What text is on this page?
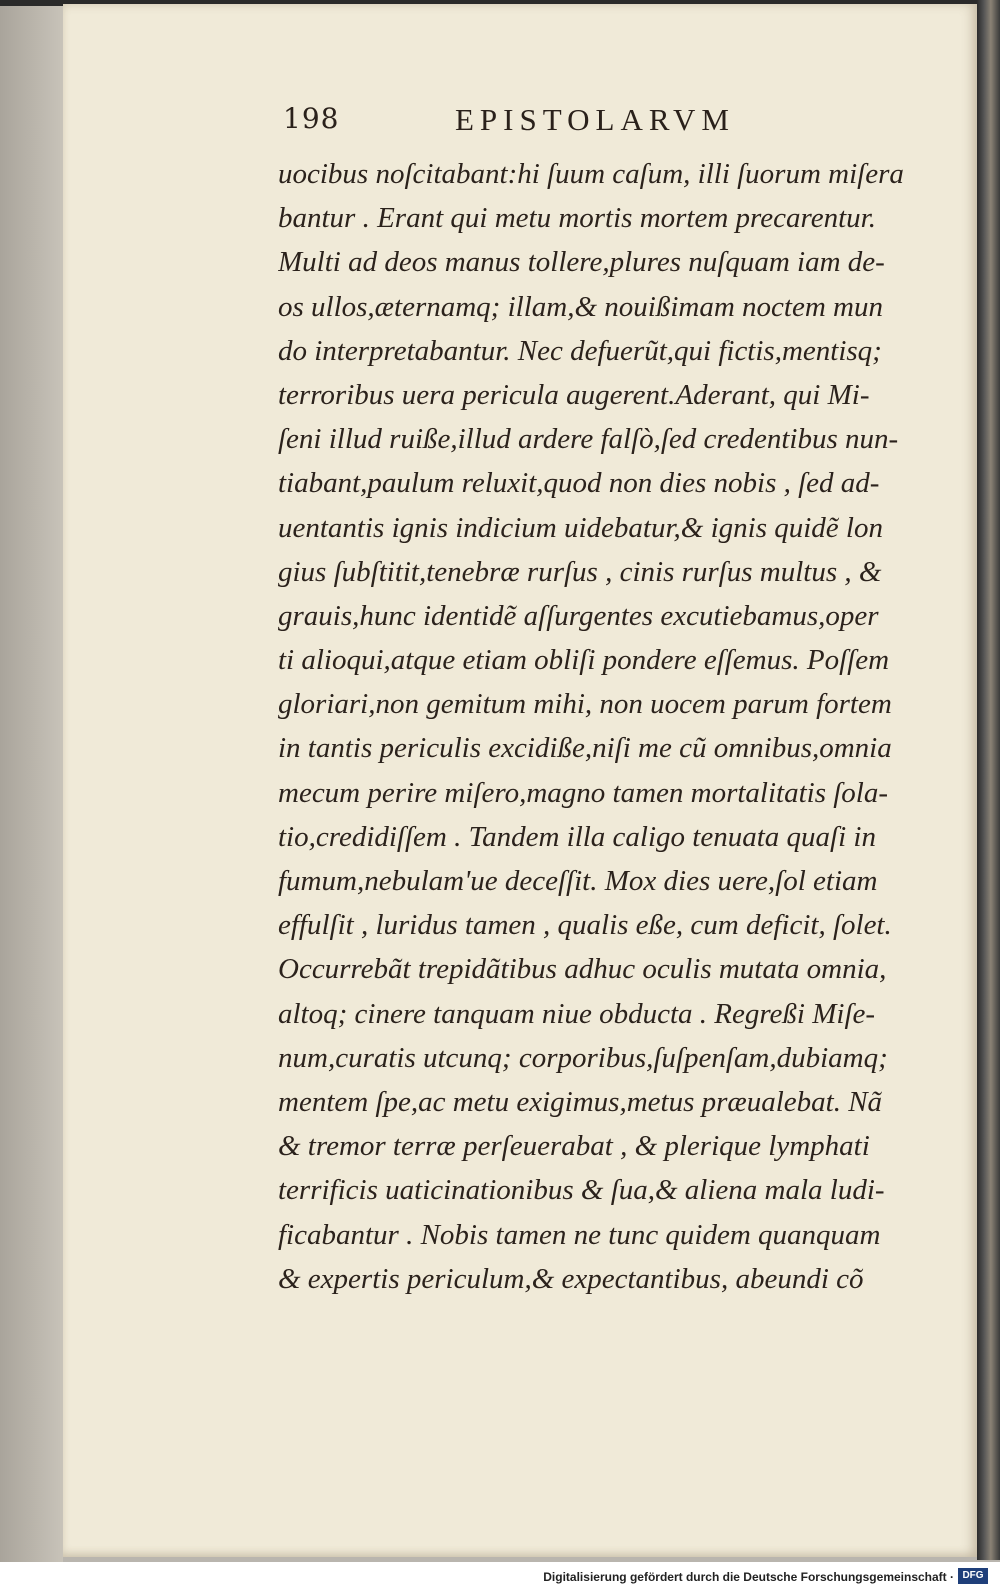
198	EPISTOLARVM
uocibus noſcitabant:hi ſuum caſum, illi ſuorum miſera
bantur . Erant qui metu mortis mortem precarentur.
Multi ad deos manus tollere,plures nuſquam iam de-
os ullos,æternamq; illam,& nouißimam noctem mun
do interpretabantur. Nec defuerũt,qui fictis,mentisq;
terroribus uera pericula augerent.Aderant, qui Mi-
ſeni illud ruiße,illud ardere falſò,ſed credentibus nun-
tiabant,paulum reluxit,quod non dies nobis , ſed ad-
uentantis ignis indicium uidebatur,& ignis quidẽ lon
gius ſubſtitit,tenebræ rurſus , cinis rurſus multus , &
grauis,hunc identidẽ aſſurgentes excutiebamus,oper
ti alioqui,atque etiam obliſi pondere eſſemus. Poſſem
gloriari,non gemitum mihi, non uocem parum fortem
in tantis periculis excidiße,niſi me cũ omnibus,omnia
mecum perire miſero,magno tamen mortalitatis ſola-
tio,credidiſſem . Tandem illa caligo tenuata quaſi in
fumum,nebulam'ue deceſſit. Mox dies uere,ſol etiam
effulſit , luridus tamen , qualis eße, cum deficit, ſolet.
Occurrebãt trepidãtibus adhuc oculis mutata omnia,
altoq; cinere tanquam niue obducta . Regreßi Miſe-
num,curatis utcunq; corporibus,ſuſpenſam,dubiamq;
mentem ſpe,ac metu exigimus,metus præualebat. Nã
& tremor terræ perſeuerabat , & plerique lymphati
terrificis uaticinationibus & ſua,& aliena mala ludi-
ficabantur . Nobis tamen ne tunc quidem quanquam
& expertis periculum,& expectantibus, abeundi cõ
Digitalisierung gefördert durch die Deutsche Forschungsgemeinschaft · DFG
